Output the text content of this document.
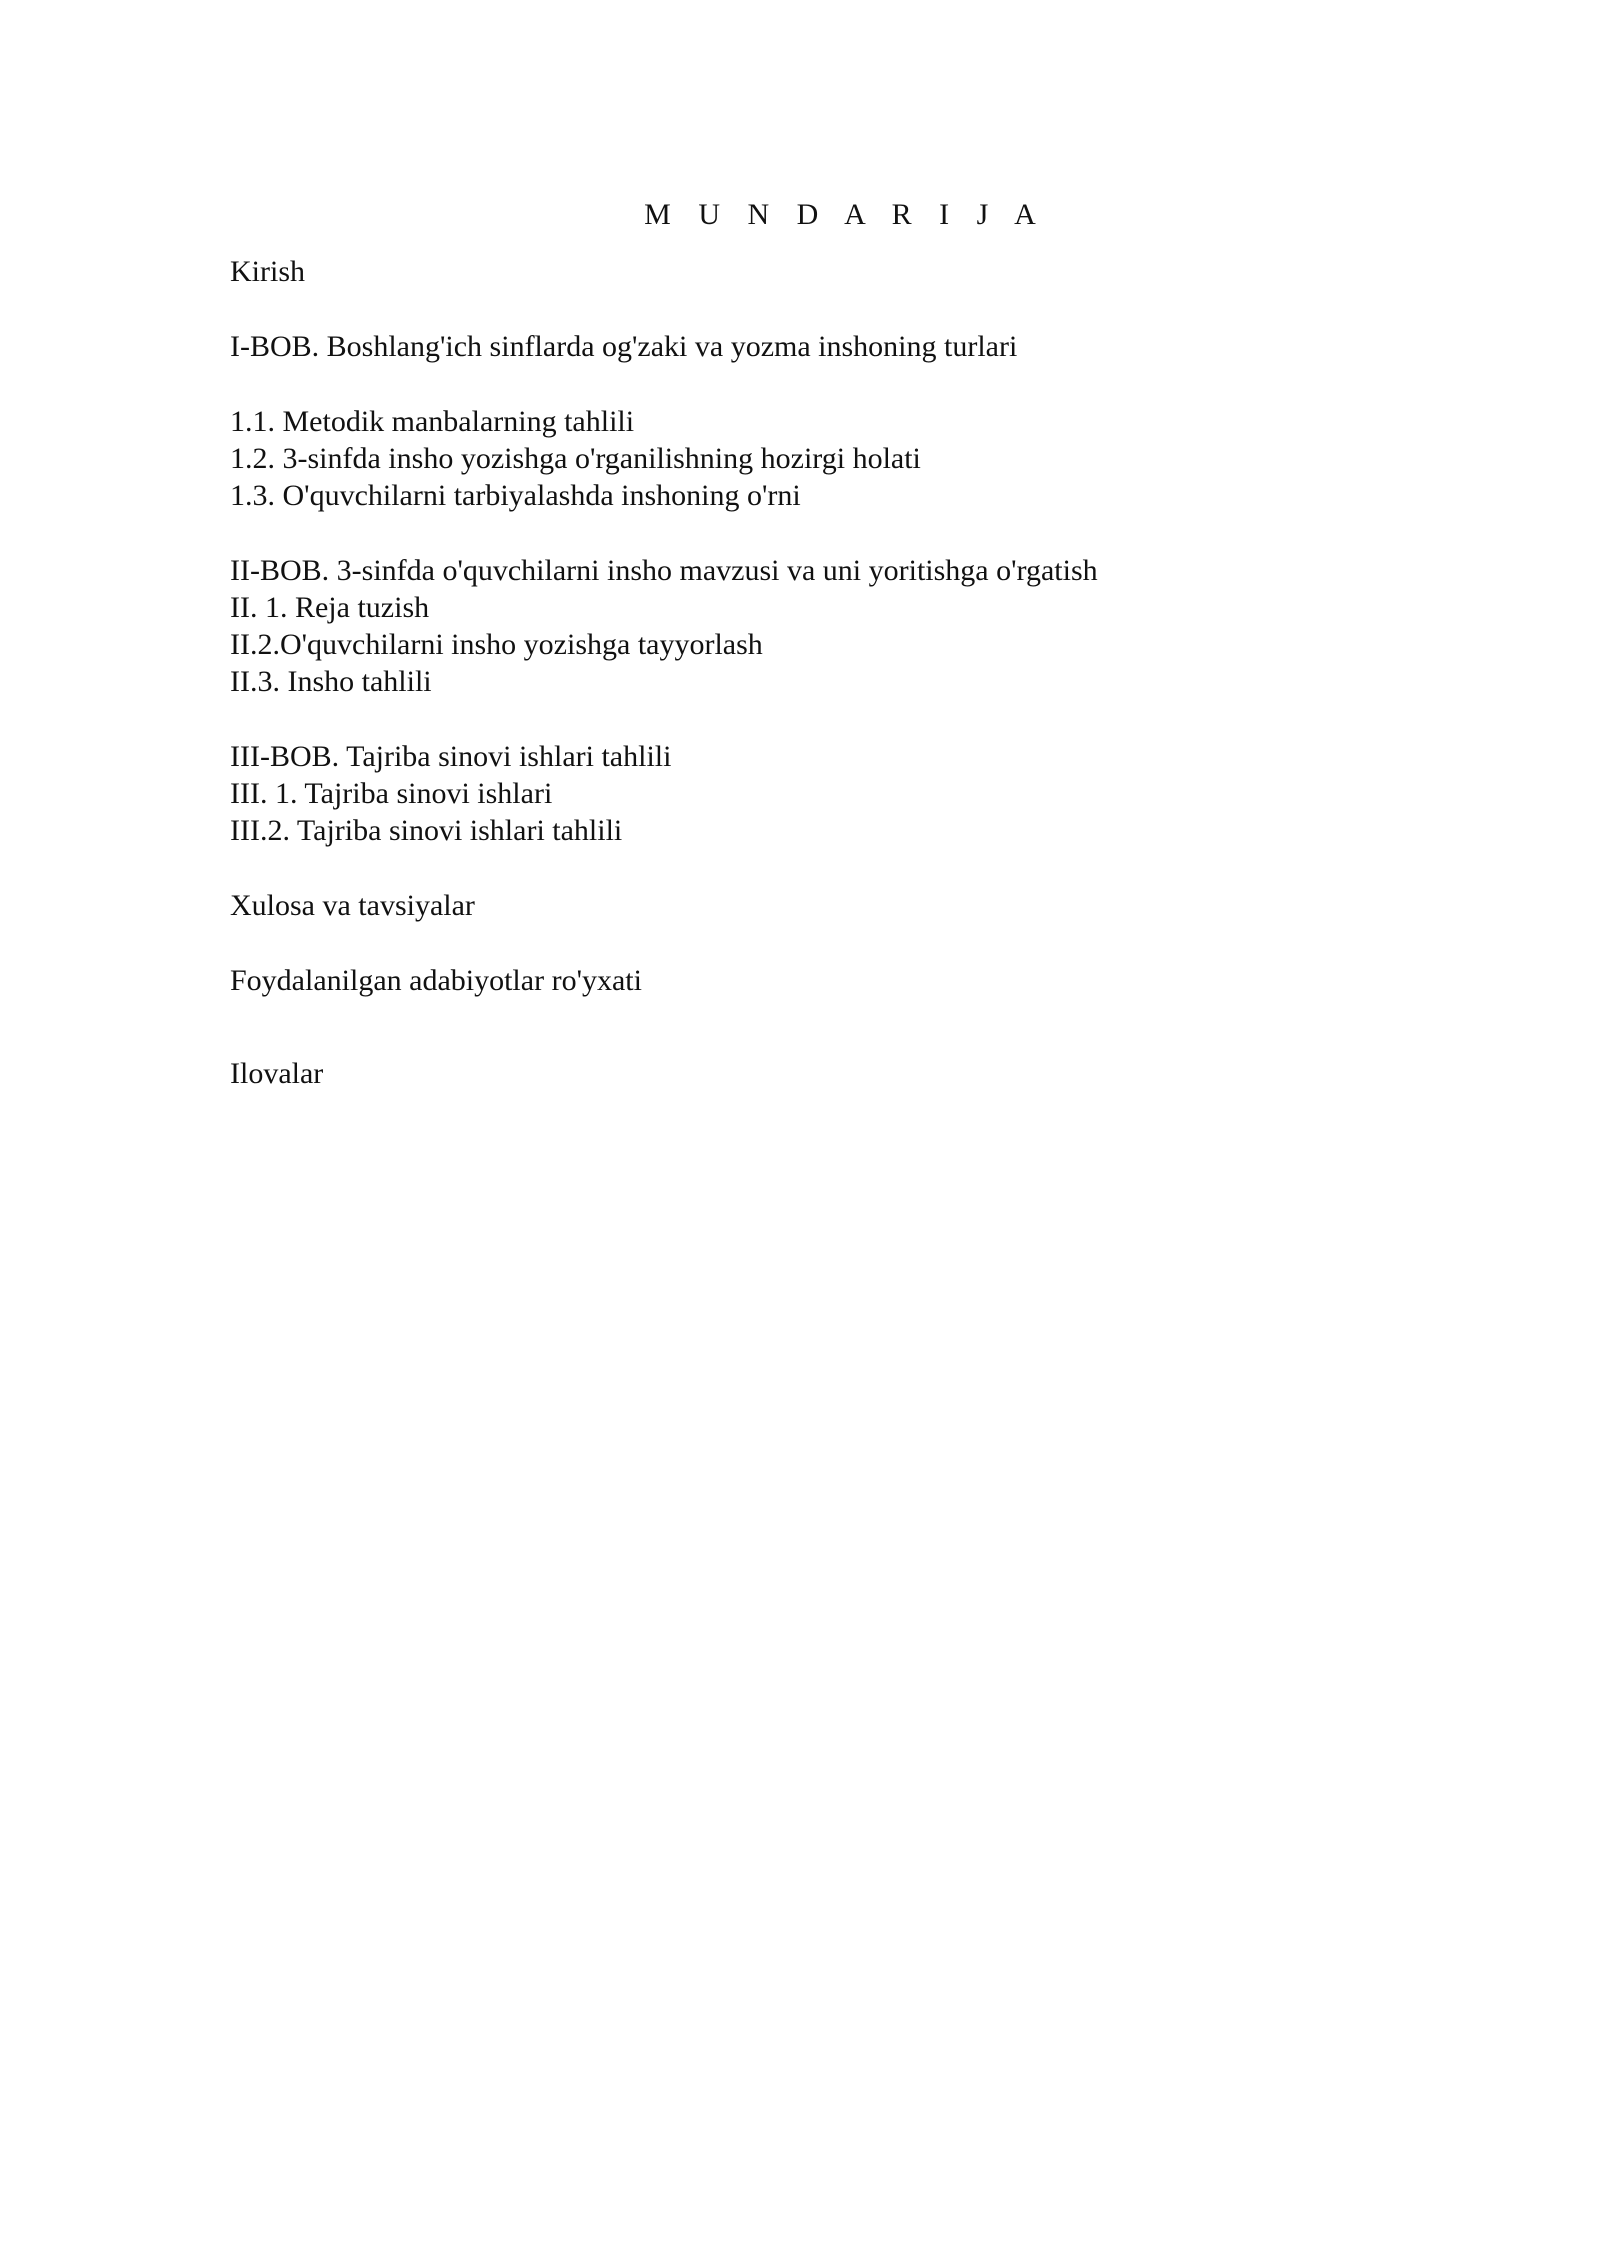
M U N D A R I J A
Kirish
I-BOB. Boshlang'ich sinflarda og'zaki va yozma inshoning turlari
1.1. Metodik manbalarning tahlili
1.2. 3-sinfda insho yozishga o'rganilishning hozirgi holati
1.3. O'quvchilarni tarbiyalashda inshoning o'rni
II-BOB. 3-sinfda o'quvchilarni insho mavzusi va uni yoritishga o'rgatish
II. 1. Reja tuzish
II.2.O'quvchilarni insho yozishga tayyorlash
II.3. Insho tahlili
III-BOB. Tajriba sinovi ishlari tahlili
III. 1. Tajriba sinovi ishlari
III.2. Tajriba sinovi ishlari tahlili
Xulosa va tavsiyalar
Foydalanilgan adabiyotlar ro'yxati
Ilovalar
